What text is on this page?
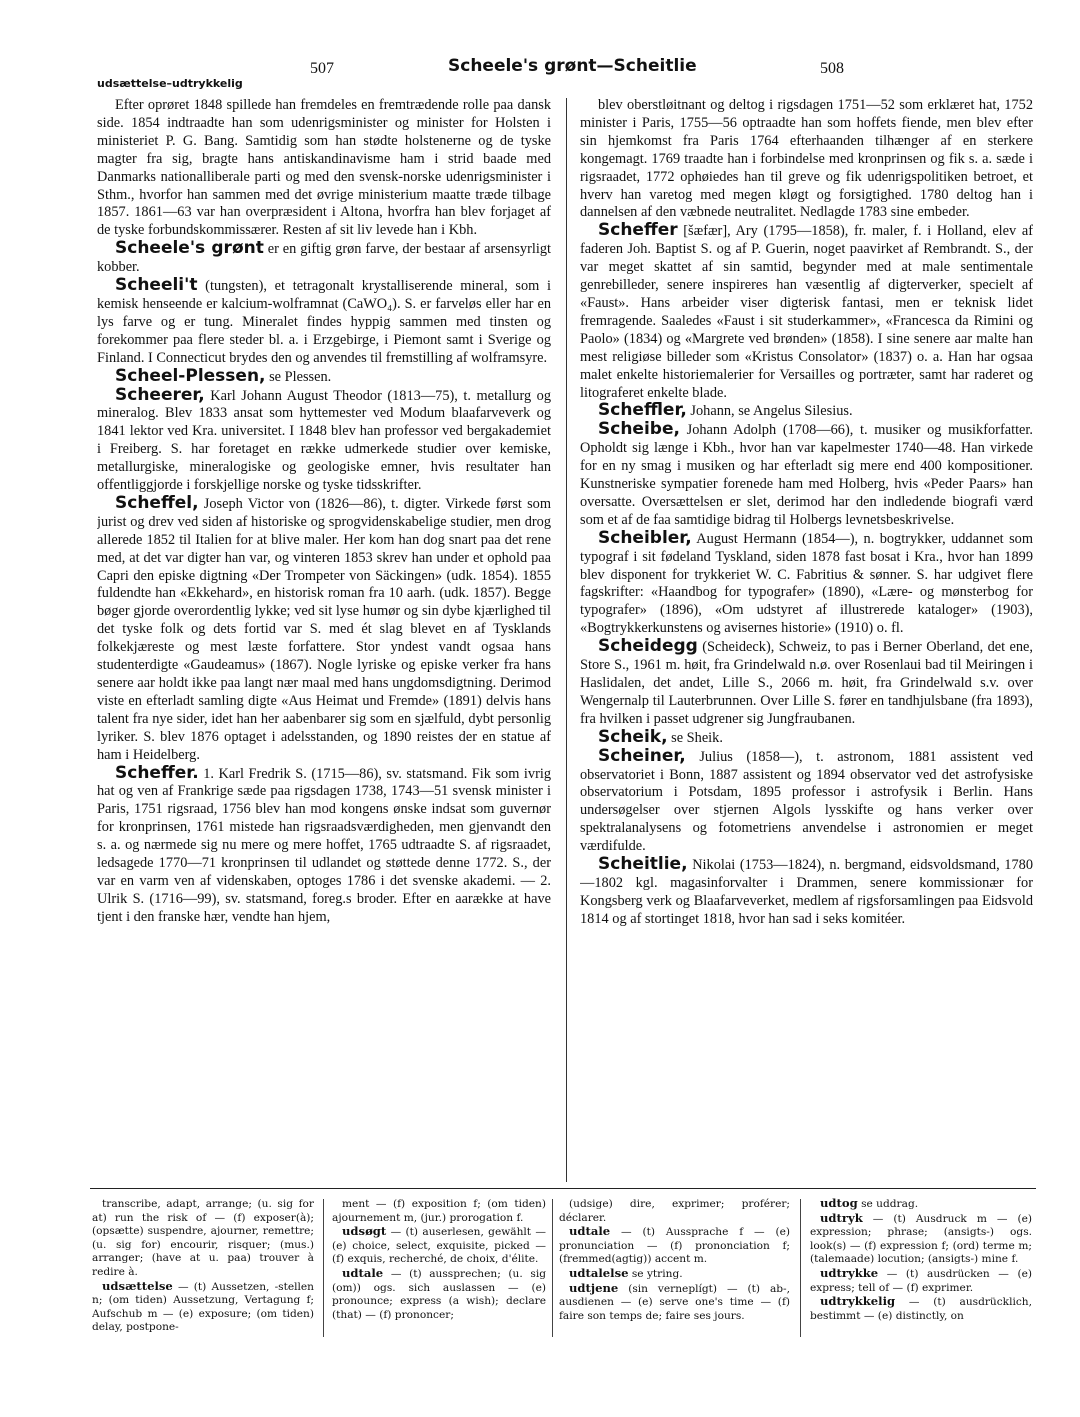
507	Scheele's grønt—Scheitlie	508
udsættelse–udtrykkelig

Efter oprøret 1848 spillede han fremdeles en fremtrædende rolle paa dansk side. 1854 indtraadte han som udenrigsminister og minister for Holsten i ministeriet P. G. Bang. Samtidig som han stødte holstenerne og de tyske magter fra sig, bragte hans antiskandinavisme ham i strid baade med Danmarks nationalliberale parti og med den svensk-norske udenrigsminister i Sthm., hvorfor han sammen med det øvrige ministerium maatte træde tilbage 1857. 1861—63 var han overpræsident i Altona, hvorfra han blev forjaget af de tyske forbundskommissærer. Resten af sit liv levede han i Kbh.

Scheele's grønt er en giftig grøn farve, der bestaar af arsensyrligt kobber.

Scheeli't (tungsten), et tetragonalt krystalliserende mineral, som i kemisk henseende er kalcium-wolframnat (CaWO₄). S. er farveløs eller har en lys farve og er tung. Mineralet findes hyppig sammen med tinsten og forekommer paa flere steder bl. a. i Erzgebirge, i Piemont samt i Sverige og Finland. I Connecticut brydes den og anvendes til fremstilling af wolframsyre.

Scheel-Plessen, se Plessen.

Scheerer, Karl Johann August Theodor (1813—75), t. metallurg og mineralog. Blev 1833 ansat som hyttemester ved Modum blaafarveverk og 1841 lektor ved Kra. universitet. I 1848 blev han professor ved bergakademiet i Freiberg. S. har foretaget en række udmerkede studier over kemiske, metallurgiske, mineralogiske og geologiske emner, hvis resultater han offentliggjorde i forskjellige norske og tyske tidsskrifter.

Scheffel, Joseph Victor von (1826—86), t. digter. Virkede først som jurist og drev ved siden af historiske og sprogvidenskabelige studier, men drog allerede 1852 til Italien for at blive maler. Her kom han dog snart paa det rene med, at det var digter han var, og vinteren 1853 skrev han under et ophold paa Capri den episke digtning «Der Trompeter von Säckingen» (udk. 1854). 1855 fuldendte han «Ekkehard», en historisk roman fra 10 aarh. (udk. 1857). Begge bøger gjorde overordentlig lykke; ved sit lyse humør og sin dybe kjærlighed til det tyske folk og dets fortid var S. med ét slag blevet en af Tysklands folkekjæreste og mest læste forfattere. Stor yndest vandt ogsaa hans studenterdigte «Gaudeamus» (1867). Nogle lyriske og episke verker fra hans senere aar holdt ikke paa langt nær maal med hans ungdomsdigtning. Derimod viste en efterladt samling digte «Aus Heimat und Fremde» (1891) delvis hans talent fra nye sider, idet han her aabenbarer sig som en sjælfuld, dybt personlig lyriker. S. blev 1876 optaget i adelsstanden, og 1890 reistes der en statue af ham i Heidelberg.

Scheffer. 1. Karl Fredrik S. (1715—86), sv. statsmand. Fik som ivrig hat og ven af Frankrige sæde paa rigsdagen 1738, 1743—51 svensk minister i Paris, 1751 rigsraad, 1756 blev han mod kongens ønske indsat som guvernør for kronprinsen, 1761 mistede han rigsraadsværdigheden, men gjenvandt den s. a. og nærmede sig nu mere og mere hoffet, 1765 udtraadte S. af rigsraadet, ledsagede 1770—71 kronprinsen til udlandet og støttede denne 1772. S., der var en varm ven af videnskaben, optoges 1786 i det svenske akademi. — 2. Ulrik S. (1716—99), sv. statsmand, foreg.s broder. Efter en aarække at have tjent i den franske hær, vendte han hjem,

blev oberstløitnant og deltog i rigsdagen 1751—52 som erklæret hat, 1752 minister i Paris, 1755—56 optraadte han som hoffets fiende, men blev efter sin hjemkomst fra Paris 1764 efterhaanden tilhænger af en sterkere kongemagt. 1769 traadte han i forbindelse med kronprinsen og fik s. a. sæde i rigsraadet, 1772 ophøiedes han til greve og fik udenrigspolitiken betroet, et hverv han varetog med megen kløgt og forsigtighed. 1780 deltog han i dannelsen af den væbnede neutralitet. Nedlagde 1783 sine embeder.

Scheffer [šæfær], Ary (1795—1858), fr. maler, f. i Holland, elev af faderen Joh. Baptist S. og af P. Guerin, noget paavirket af Rembrandt. S., der var meget skattet af sin samtid, begynder med at male sentimentale genrebilleder, senere inspireres han væsentlig af digterverker, specielt af «Faust». Hans arbeider viser digterisk fantasi, men er teknisk lidet fremragende. Saaledes «Faust i sit studerkammer», «Francesca da Rimini og Paolo» (1834) og «Margrete ved brønden» (1858). I sine senere aar malte han mest religiøse billeder som «Kristus Consolator» (1837) o. a. Han har ogsaa malet enkelte historiemalerier for Versailles og portræter, samt har raderet og litograferet enkelte blade.

Scheffler, Johann, se Angelus Silesius.

Scheibe, Johann Adolph (1708—66), t. musiker og musikforfatter. Opholdt sig længe i Kbh., hvor han var kapelmester 1740—48. Han virkede for en ny smag i musiken og har efterladt sig mere end 400 kompositioner. Kunstneriske sympatier forenede ham med Holberg, hvis «Peder Paars» han oversatte. Oversættelsen er slet, derimod har den indledende biografi værd som et af de faa samtidige bidrag til Holbergs levnetsbeskrivelse.

Scheibler, August Hermann (1854—), n. bogtrykker, uddannet som typograf i sit fødeland Tyskland, siden 1878 fast bosat i Kra., hvor han 1899 blev disponent for trykkeriet W. C. Fabritius & sønner. S. har udgivet flere fagskrifter: «Haandbog for typografer» (1890), «Lære- og mønsterbog for typografer» (1896), «Om udstyret af illustrerede kataloger» (1903), «Bogtrykkerkunstens og avisernes historie» (1910) o. fl.

Scheidegg (Scheideck), Schweiz, to pas i Berner Oberland, det ene, Store S., 1961 m. høit, fra Grindelwald n.ø. over Rosenlaui bad til Meiringen i Haslidalen, det andet, Lille S., 2066 m. høit, fra Grindelwald s.v. over Wengernalp til Lauterbrunnen. Over Lille S. fører en tandhjulsbane (fra 1893), fra hvilken i passet udgrener sig Jungfraubanen.

Scheik, se Sheik.

Scheiner, Julius (1858—), t. astronom, 1881 assistent ved observatoriet i Bonn, 1887 assistent og 1894 observator ved det astrofysiske observatorium i Potsdam, 1895 professor i astrofysik i Berlin. Hans undersøgelser over stjernen Algols lysskifte og hans verker over spektralanalysens og fotometriens anvendelse i astronomien er meget værdifulde.

Scheitlie, Nikolai (1753—1824), n. bergmand, eidsvoldsmand, 1780—1802 kgl. magasinforvalter i Drammen, senere kommissionær for Kongsberg verk og Blaafarveverket, medlem af rigsforsamlingen paa Eidsvold 1814 og af stortinget 1818, hvor han sad i seks komitéer.

transcribe, adapt, arrange; (u. sig for at) run the risk of — (f) exposer(à); (opsætte) suspendre, ajourner, remettre; (u. sig for) encourir, risquer; (mus.) arranger; (have at u. paa) trouver à redire à.
udsættelse — (t) Aussetzen, -stellen n; (om tiden) Aussetzung, Vertagung f; Aufschub m — (e) exposure; (om tiden) delay, postpone-
ment — (f) exposition f; (om tiden) ajournement m, (jur.) prorogation f.
udsøgt — (t) auserlesen, gewählt — (e) choice, select, exquisite, picked — (f) exquis, recherché, de choix, d'élite.
udtale — (t) aussprechen; (u. sig (om)) ogs. sich auslassen — (e) pronounce; express (a wish); declare (that) — (f) prononcer;
(udsige) dire, exprimer; proférer; déclarer.
udtale — (t) Aussprache f — (e) pronunciation — (f) prononciation f; (fremmed(agtig)) accent m.
udtalelse se ytring.
udtjene (sin verneplígt) — (t) ab-, ausdienen — (e) serve one's time — (f) faire son temps de; faire ses jours.
udtog se uddrag.
udtryk — (t) Ausdruck m — (e) expression; phrase; (ansigts-) ogs. look(s) — (f) expression f; (ord) terme m; (talemaade) locution; (ansigts-) mine f.
udtrykke — (t) ausdrücken — (e) express; tell of — (f) exprimer.
udtrykkelig — (t) ausdrücklich, bestimmt — (e) distinctly, on
